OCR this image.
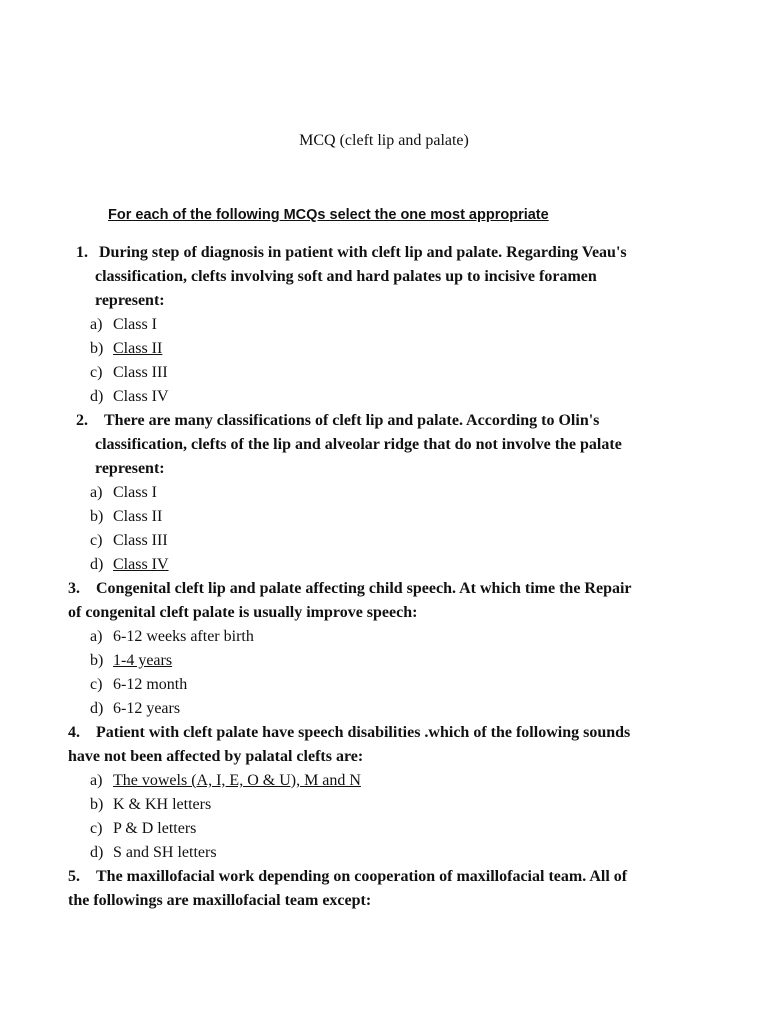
MCQ (cleft lip and palate)
For each of the following MCQs select the one most appropriate
1. During step of diagnosis in patient with cleft lip and palate. Regarding Veau's
classification, clefts involving soft and hard palates up to incisive foramen
represent:
a) Class I
b) Class II
c) Class III
d) Class IV
2. There are many classifications of cleft lip and palate. According to Olin's
classification, clefts of the lip and alveolar ridge that do not involve the palate
represent:
a) Class I
b) Class II
c) Class III
d) Class IV
3. Congenital cleft lip and palate affecting child speech. At which time the Repair
of congenital cleft palate is usually improve speech:
a) 6-12 weeks after birth
b) 1-4 years
c) 6-12 month
d) 6-12 years
4. Patient with cleft palate have speech disabilities .which of the following sounds
have not been affected by palatal clefts are:
a) The vowels (A, I, E, O & U), M and N
b) K & KH letters
c) P & D letters
d) S and SH letters
5. The maxillofacial work depending on cooperation of maxillofacial team. All of
the followings are maxillofacial team except:
